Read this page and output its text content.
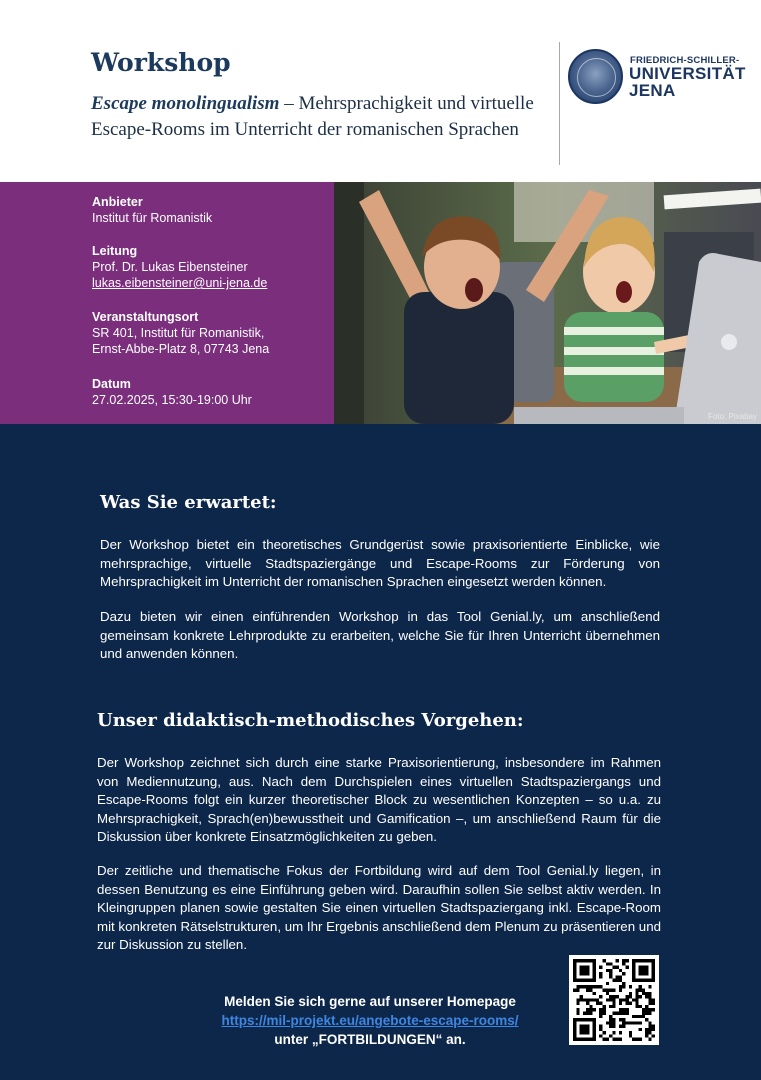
Workshop
Escape monolingualism – Mehrsprachigkeit und virtuelle Escape-Rooms im Unterricht der romanischen Sprachen
FRIEDRICH-SCHILLER-
UNIVERSITÄT
JENA
Anbieter
Institut für Romanistik
Leitung
Prof. Dr. Lukas Eibensteiner
lukas.eibensteiner@uni-jena.de
Veranstaltungsort
SR 401, Institut für Romanistik,
Ernst-Abbe-Platz 8, 07743 Jena
Datum
27.02.2025, 15:30-19:00 Uhr
Foto: Pixabay
Was Sie erwartet:
Der Workshop bietet ein theoretisches Grundgerüst sowie praxisorientierte Einblicke, wie mehrsprachige, virtuelle Stadtspaziergänge und Escape-Rooms zur Förderung von Mehrsprachigkeit im Unterricht der romanischen Sprachen eingesetzt werden können.
Dazu bieten wir einen einführenden Workshop in das Tool Genial.ly, um anschließend gemeinsam konkrete Lehrprodukte zu erarbeiten, welche Sie für Ihren Unterricht übernehmen und anwenden können.
Unser didaktisch-methodisches Vorgehen:
Der Workshop zeichnet sich durch eine starke Praxisorientierung, insbesondere im Rahmen von Mediennutzung, aus. Nach dem Durchspielen eines virtuellen Stadtspaziergangs und Escape-Rooms folgt ein kurzer theoretischer Block zu wesentlichen Konzepten – so u.a. zu Mehrsprachigkeit, Sprach(en)bewusstheit und Gamification –, um anschließend Raum für die Diskussion über konkrete Einsatzmöglichkeiten zu geben.
Der zeitliche und thematische Fokus der Fortbildung wird auf dem Tool Genial.ly liegen, in dessen Benutzung es eine Einführung geben wird. Daraufhin sollen Sie selbst aktiv werden. In Kleingruppen planen sowie gestalten Sie einen virtuellen Stadtspaziergang inkl. Escape-Room mit konkreten Rätselstrukturen, um Ihr Ergebnis anschließend dem Plenum zu präsentieren und zur Diskussion zu stellen.
Melden Sie sich gerne auf unserer Homepage
https://mil-projekt.eu/angebote-escape-rooms/
unter „FORTBILDUNGEN“ an.
